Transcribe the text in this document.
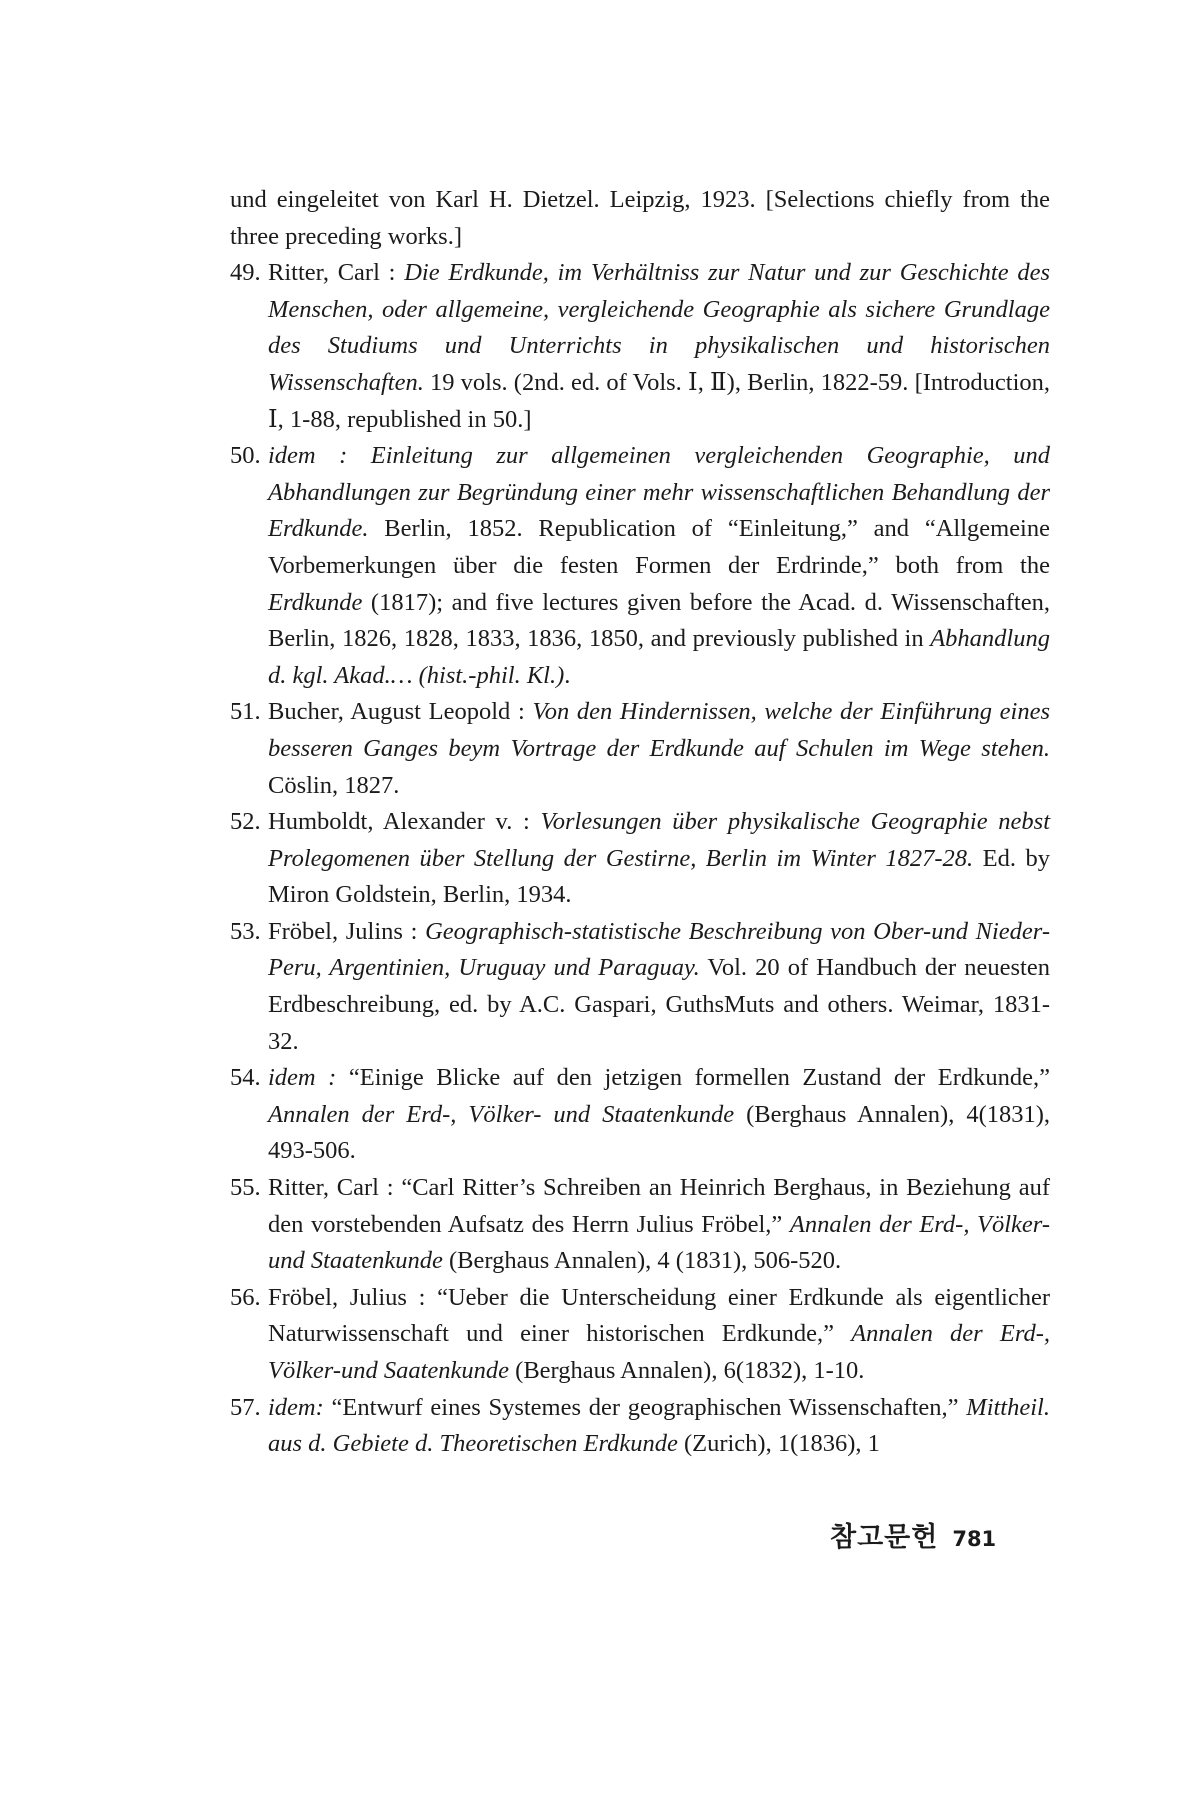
und eingeleitet von Karl H. Dietzel. Leipzig, 1923. [Selections chiefly from the three preceding works.]

49. Ritter, Carl : Die Erdkunde, im Verhältniss zur Natur und zur Geschichte des Menschen, oder allgemeine, vergleichende Geographie als sichere Grundlage des Studiums und Unterrichts in physikalischen und historischen Wissenschaften. 19 vols. (2nd. ed. of Vols. Ⅰ, Ⅱ), Berlin, 1822-59. [Introduction, Ⅰ, 1-88, republished in 50.]

50. idem : Einleitung zur allgemeinen vergleichenden Geographie, und Abhandlungen zur Begründung einer mehr wissenschaftlichen Behandlung der Erdkunde. Berlin, 1852. Republication of “Einleitung,” and “Allgemeine Vorbemerkungen über die festen Formen der Erdrinde,” both from the Erdkunde (1817); and five lectures given before the Acad. d. Wissenschaften, Berlin, 1826, 1828, 1833, 1836, 1850, and previously published in Abhandlung d. kgl. Akad.… (hist.-phil. Kl.).

51. Bucher, August Leopold : Von den Hindernissen, welche der Einführung eines besseren Ganges beym Vortrage der Erdkunde auf Schulen im Wege stehen. Cöslin, 1827.

52. Humboldt, Alexander v. : Vorlesungen über physikalische Geographie nebst Prolegomenen über Stellung der Gestirne, Berlin im Winter 1827-28. Ed. by Miron Goldstein, Berlin, 1934.

53. Fröbel, Julins : Geographisch-statistische Beschreibung von Ober-und Nieder-Peru, Argentinien, Uruguay und Paraguay. Vol. 20 of Handbuch der neuesten Erdbeschreibung, ed. by A.C. Gaspari, GuthsMuts and others. Weimar, 1831-32.

54. idem : “Einige Blicke auf den jetzigen formellen Zustand der Erdkunde,” Annalen der Erd-, Völker- und Staatenkunde (Berghaus Annalen), 4(1831), 493-506.

55. Ritter, Carl : “Carl Ritter’s Schreiben an Heinrich Berghaus, in Beziehung auf den vorstebenden Aufsatz des Herrn Julius Fröbel,” Annalen der Erd-, Völker-und Staatenkunde (Berghaus Annalen), 4 (1831), 506-520.

56. Fröbel, Julius : “Ueber die Unterscheidung einer Erdkunde als eigentlicher Naturwissenschaft und einer historischen Erdkunde,” Annalen der Erd-, Völker-und Saatenkunde (Berghaus Annalen), 6(1832), 1-10.

57. idem: “Entwurf eines Systemes der geographischen Wissenschaften,” Mittheil. aus d. Gebiete d. Theoretischen Erdkunde (Zurich), 1(1836), 1

참고문헌 781
